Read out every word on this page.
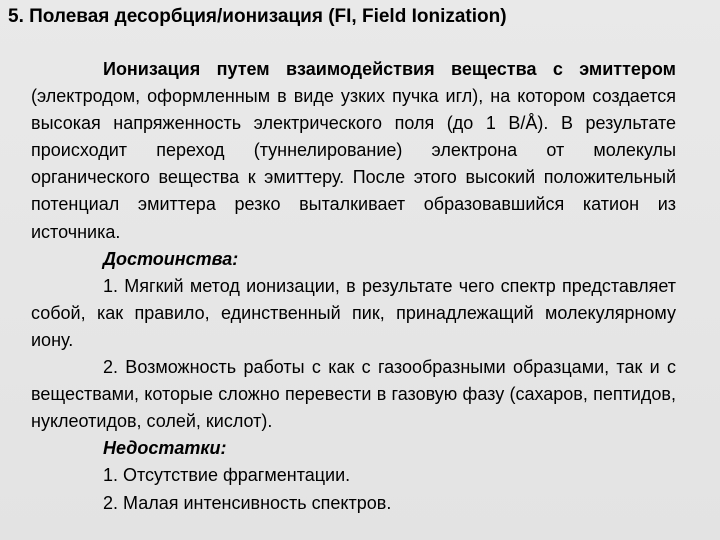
5. Полевая десорбция/ионизация (FI, Field Ionization)

Ионизация путем взаимодействия вещества с эмиттером (электродом, оформленным в виде узких пучка игл), на котором создается высокая напряженность электрического поля (до 1 В/Å). В результате происходит переход (туннелирование) электрона от молекулы органического вещества к эмиттеру. После этого высокий положительный потенциал эмиттера резко выталкивает образовавшийся катион из источника.

Достоинства:

1. Мягкий метод ионизации, в результате чего спектр представляет собой, как правило, единственный пик, принадлежащий молекулярному иону.

2. Возможность работы с как с газообразными образцами, так и с веществами, которые сложно перевести в газовую фазу (сахаров, пептидов, нуклеотидов, солей, кислот).

Недостатки:

1. Отсутствие фрагментации.

2. Малая интенсивность спектров.
